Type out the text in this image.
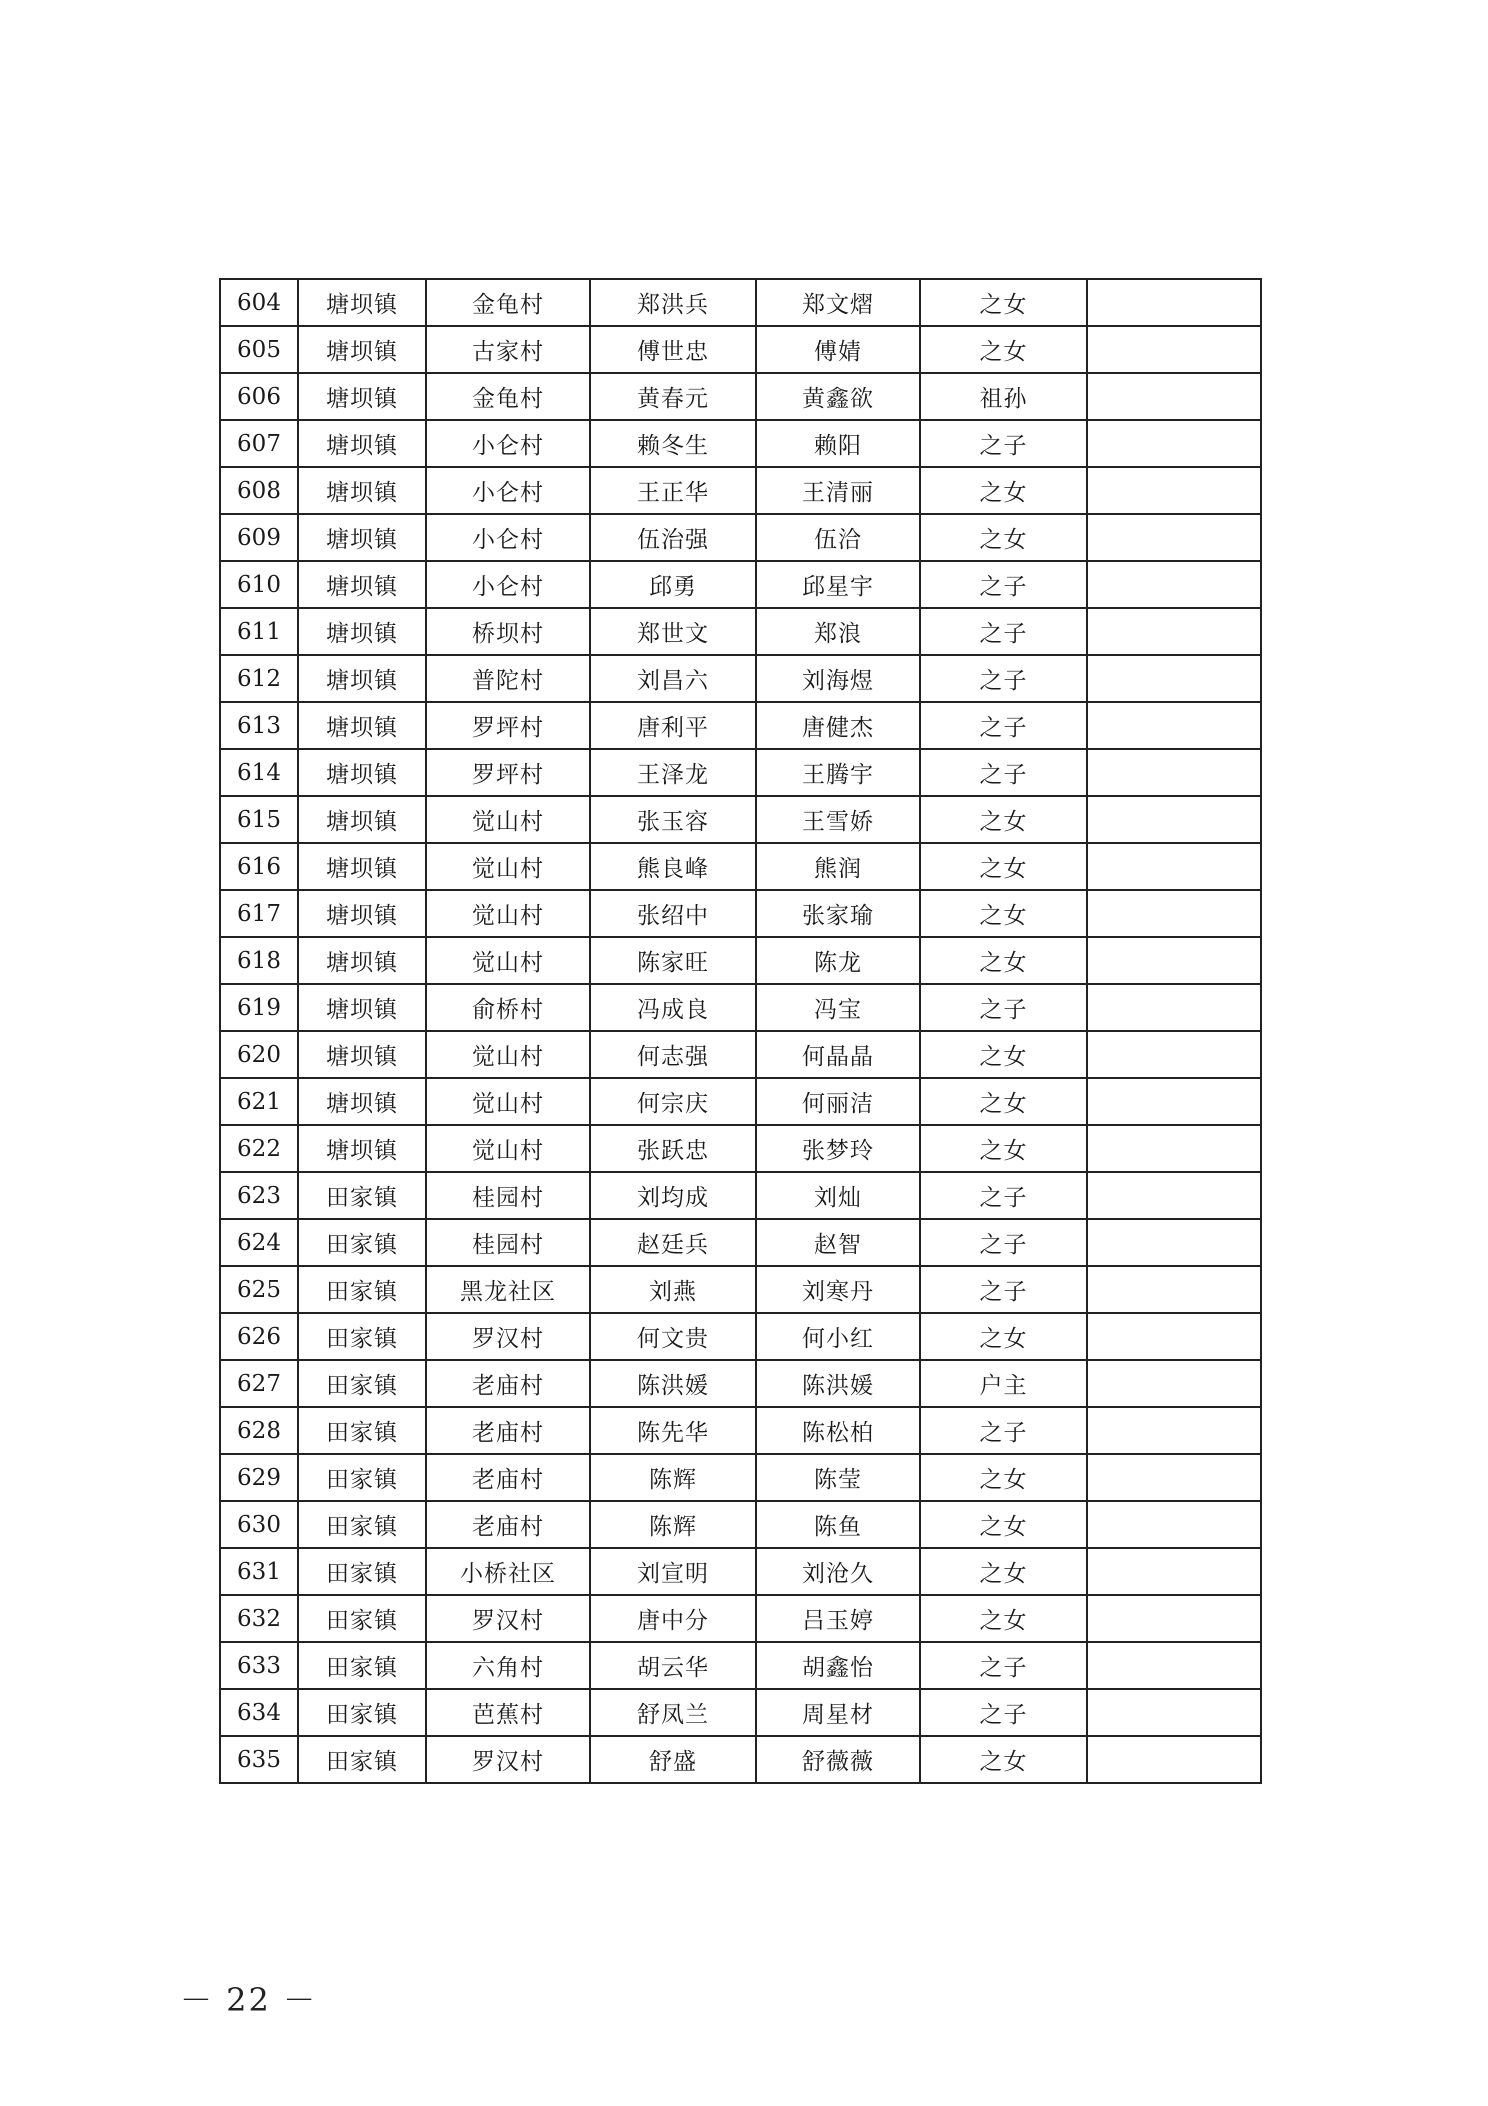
604	塘坝镇	金龟村	郑洪兵	郑文熠	之女	
605	塘坝镇	古家村	傅世忠	傅婧	之女	
606	塘坝镇	金龟村	黄春元	黄鑫欲	祖孙	
607	塘坝镇	小仑村	赖冬生	赖阳	之子	
608	塘坝镇	小仑村	王正华	王清丽	之女	
609	塘坝镇	小仑村	伍治强	伍洽	之女	
610	塘坝镇	小仑村	邱勇	邱星宇	之子	
611	塘坝镇	桥坝村	郑世文	郑浪	之子	
612	塘坝镇	普陀村	刘昌六	刘海煜	之子	
613	塘坝镇	罗坪村	唐利平	唐健杰	之子	
614	塘坝镇	罗坪村	王泽龙	王腾宇	之子	
615	塘坝镇	觉山村	张玉容	王雪娇	之女	
616	塘坝镇	觉山村	熊良峰	熊润	之女	
617	塘坝镇	觉山村	张绍中	张家瑜	之女	
618	塘坝镇	觉山村	陈家旺	陈龙	之女	
619	塘坝镇	俞桥村	冯成良	冯宝	之子	
620	塘坝镇	觉山村	何志强	何晶晶	之女	
621	塘坝镇	觉山村	何宗庆	何丽洁	之女	
622	塘坝镇	觉山村	张跃忠	张梦玲	之女	
623	田家镇	桂园村	刘均成	刘灿	之子	
624	田家镇	桂园村	赵廷兵	赵智	之子	
625	田家镇	黑龙社区	刘燕	刘寒丹	之子	
626	田家镇	罗汉村	何文贵	何小红	之女	
627	田家镇	老庙村	陈洪媛	陈洪媛	户主	
628	田家镇	老庙村	陈先华	陈松柏	之子	
629	田家镇	老庙村	陈辉	陈莹	之女	
630	田家镇	老庙村	陈辉	陈鱼	之女	
631	田家镇	小桥社区	刘宣明	刘沧久	之女	
632	田家镇	罗汉村	唐中分	吕玉婷	之女	
633	田家镇	六角村	胡云华	胡鑫怡	之子	
634	田家镇	芭蕉村	舒凤兰	周星材	之子	
635	田家镇	罗汉村	舒盛	舒薇薇	之女	
－ 22 －
